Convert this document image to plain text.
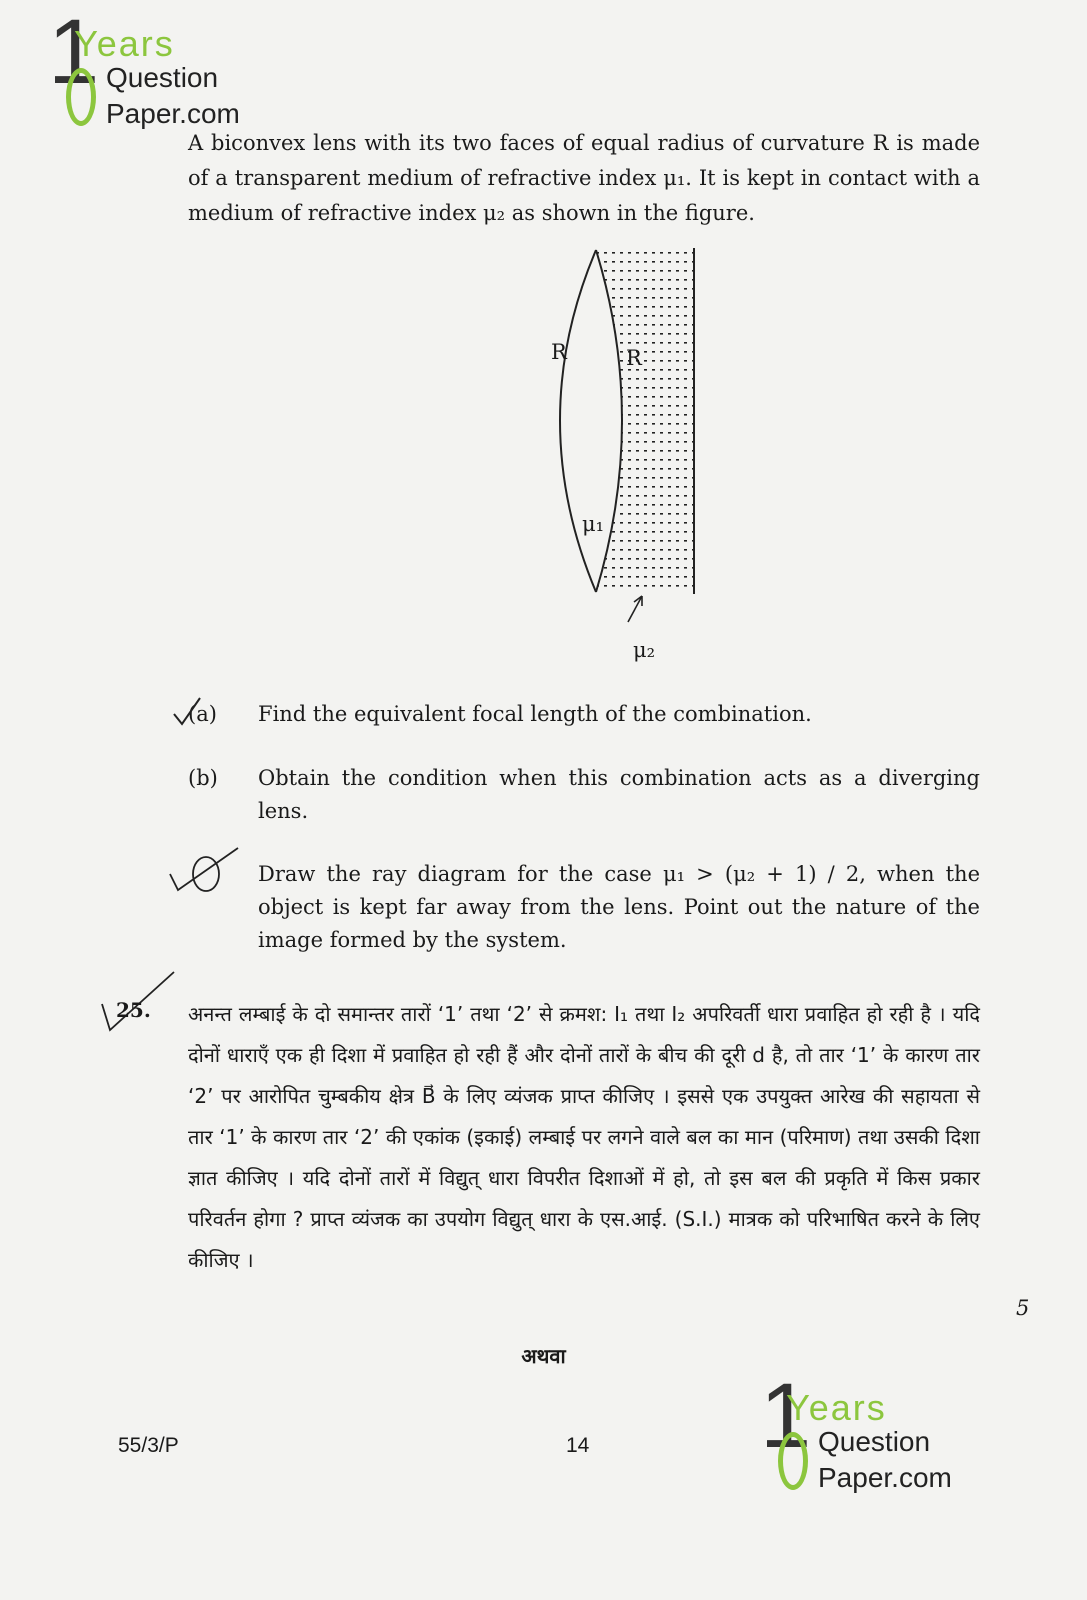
1
Years
Question
Paper.com
A biconvex lens with its two faces of equal radius of curvature R is made of a transparent medium of refractive index μ₁. It is kept in contact with a medium of refractive index μ₂ as shown in the figure.
R	R
μ₁
μ₂
(a) Find the equivalent focal length of the combination.
(b) Obtain the condition when this combination acts as a diverging lens.
Draw the ray diagram for the case μ₁ > (μ₂ + 1) / 2, when the object is kept far away from the lens. Point out the nature of the image formed by the system.
25. अनन्त लम्बाई के दो समान्तर तारों ‘1’ तथा ‘2’ से क्रमश: I₁ तथा I₂ अपरिवर्ती धारा प्रवाहित हो रही है । यदि दोनों धाराएँ एक ही दिशा में प्रवाहित हो रही हैं और दोनों तारों के बीच की दूरी d है, तो तार ‘1’ के कारण तार ‘2’ पर आरोपित चुम्बकीय क्षेत्र B⃗ के लिए व्यंजक प्राप्त कीजिए । इससे एक उपयुक्त आरेख की सहायता से तार ‘1’ के कारण तार ‘2’ की एकांक (इकाई) लम्बाई पर लगने वाले बल का मान (परिमाण) तथा उसकी दिशा ज्ञात कीजिए । यदि दोनों तारों में विद्युत् धारा विपरीत दिशाओं में हो, तो इस बल की प्रकृति में किस प्रकार परिवर्तन होगा ? प्राप्त व्यंजक का उपयोग विद्युत् धारा के एस.आई. (S.I.) मात्रक को परिभाषित करने के लिए कीजिए ।
5
अथवा
55/3/P	14 1
Years
Question
Paper.com
